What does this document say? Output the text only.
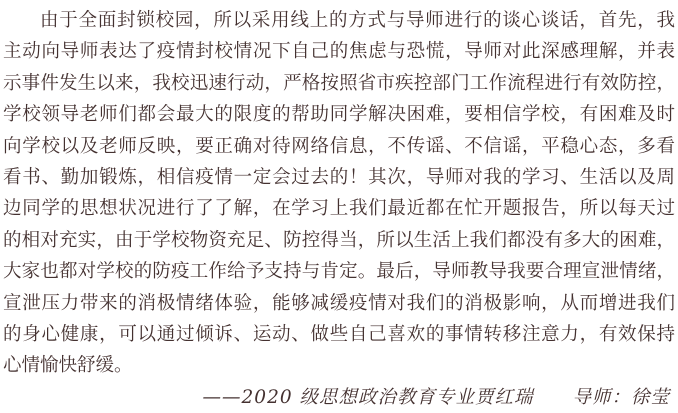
由于全面封锁校园，所以采用线上的方式与导师进行的谈心谈话，首先，我
主动向导师表达了疫情封校情况下自己的焦虑与恐慌，导师对此深感理解，并表
示事件发生以来，我校迅速行动，严格按照省市疾控部门工作流程进行有效防控，
学校领导老师们都会最大的限度的帮助同学解决困难，要相信学校，有困难及时
向学校以及老师反映，要正确对待网络信息，不传谣、不信谣，平稳心态，多看
看书、勤加锻炼，相信疫情一定会过去的！其次，导师对我的学习、生活以及周
边同学的思想状况进行了了解，在学习上我们最近都在忙开题报告，所以每天过
的相对充实，由于学校物资充足、防控得当，所以生活上我们都没有多大的困难，
大家也都对学校的防疫工作给予支持与肯定。最后，导师教导我要合理宣泄情绪，
宣泄压力带来的消极情绪体验，能够减缓疫情对我们的消极影响，从而增进我们
的身心健康，可以通过倾诉、运动、做些自己喜欢的事情转移注意力，有效保持
心情愉快舒缓。
——2020 级思想政治教育专业贾红瑞　　导师：徐莹
